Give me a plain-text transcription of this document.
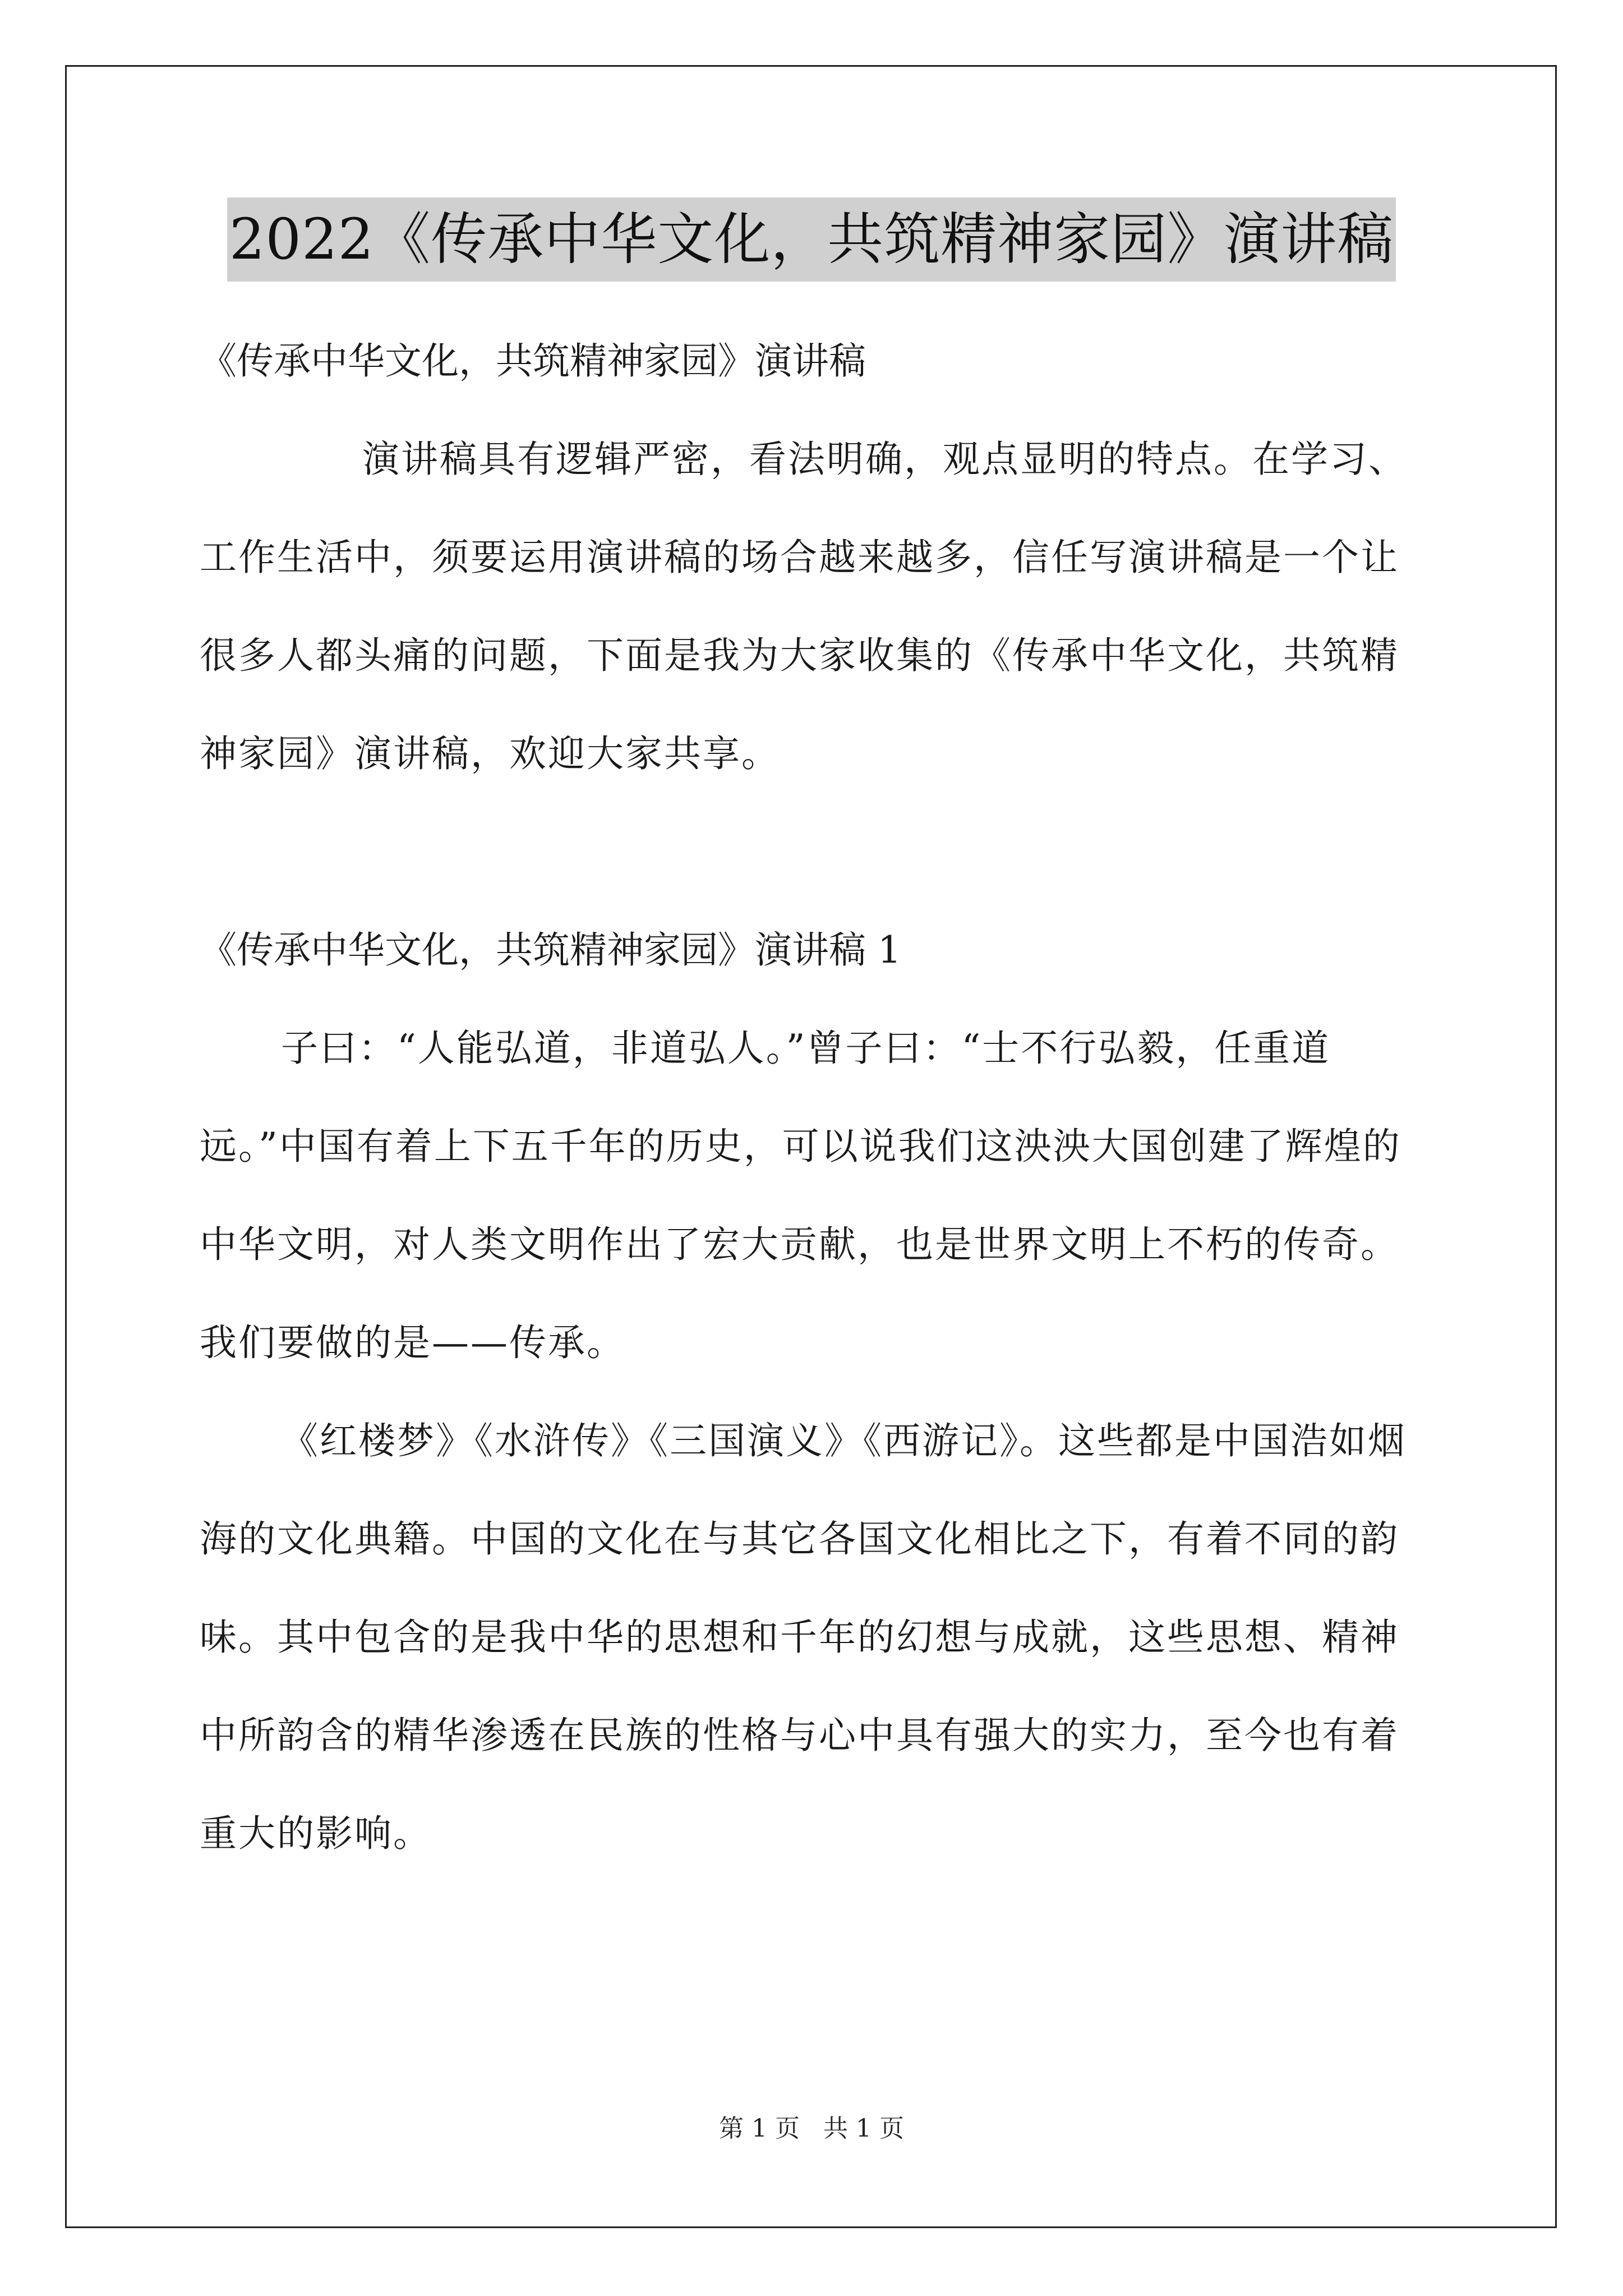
2022《传承中华文化，共筑精神家园》演讲稿

《传承中华文化，共筑精神家园》演讲稿

演讲稿具有逻辑严密，看法明确，观点显明的特点。在学习、工作生活中，须要运用演讲稿的场合越来越多，信任写演讲稿是一个让很多人都头痛的问题，下面是我为大家收集的《传承中华文化，共筑精神家园》演讲稿，欢迎大家共享。

《传承中华文化，共筑精神家园》演讲稿 1

子曰：“人能弘道，非道弘人。”曾子曰：“士不行弘毅，任重道远。”中国有着上下五千年的历史，可以说我们这泱泱大国创建了辉煌的中华文明，对人类文明作出了宏大贡献，也是世界文明上不朽的传奇。我们要做的是——传承。

《红楼梦》《水浒传》《三国演义》《西游记》。这些都是中国浩如烟海的文化典籍。中国的文化在与其它各国文化相比之下，有着不同的韵味。其中包含的是我中华的思想和千年的幻想与成就，这些思想、精神中所韵含的精华渗透在民族的性格与心中具有强大的实力，至今也有着重大的影响。

第 1 页 共 1 页
